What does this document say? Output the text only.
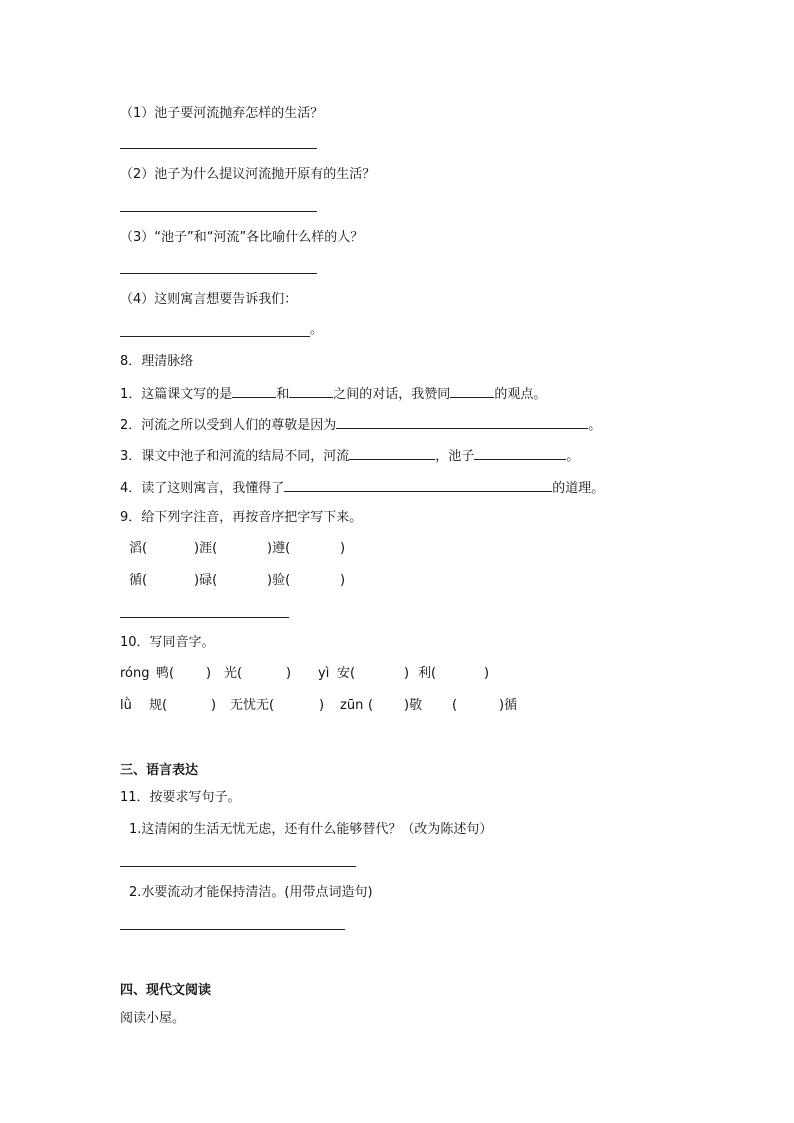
（1）池子要河流抛弃怎样的生活？
（2）池子为什么提议河流抛开原有的生活？
（3）“池子”和“河流”各比喻什么样的人？
（4）这则寓言想要告诉我们：
。
8．理清脉络
1．这篇课文写的是	和	之间的对话，我赞同	的观点。
2．河流之所以受到人们的尊敬是因为	。
3．课文中池子和河流的结局不同，河流	，池子	。
4．读了这则寓言，我懂得了	的道理。
9．给下列字注音，再按音序把字写下来。
滔(	)涯(	)遵(	)
循(	)碌(	)验(	)
10．写同音字。
róng 鸭( ) 光(	) yì 安(	) 利(	)
lǜ 规(	) 无忧无(	) zūn ( )敬 (	)循
三、语言表达
11．按要求写句子。
1.这清闲的生活无忧无虑，还有什么能够替代？（改为陈述句）
2.水要流动才能保持清洁。(用带点词造句)
四、现代文阅读
阅读小屋。
